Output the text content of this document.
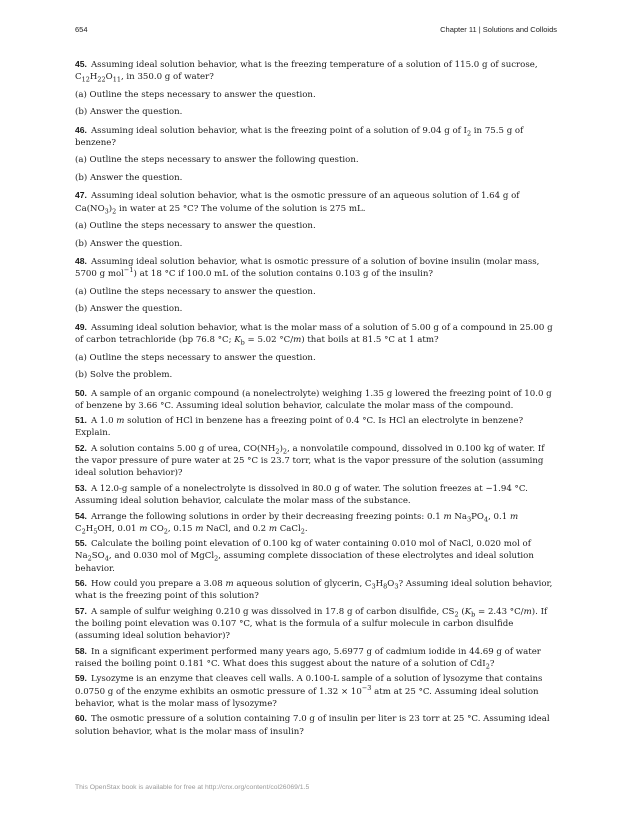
654	Chapter 11 | Solutions and Colloids

45. Assuming ideal solution behavior, what is the freezing temperature of a solution of 115.0 g of sucrose, $C_{12}H_{22}O_{11}$, in 350.0 g of water?

(a) Outline the steps necessary to answer the question.

(b) Answer the question.

46. Assuming ideal solution behavior, what is the freezing point of a solution of 9.04 g of $I_2$ in 75.5 g of benzene?

(a) Outline the steps necessary to answer the following question.

(b) Answer the question.

47. Assuming ideal solution behavior, what is the osmotic pressure of an aqueous solution of 1.64 g of $Ca(NO_3)_2$ in water at 25 °C? The volume of the solution is 275 mL.

(a) Outline the steps necessary to answer the question.

(b) Answer the question.

48. Assuming ideal solution behavior, what is osmotic pressure of a solution of bovine insulin (molar mass, 5700 g mol$^{-1}$) at 18 °C if 100.0 mL of the solution contains 0.103 g of the insulin?

(a) Outline the steps necessary to answer the question.

(b) Answer the question.

49. Assuming ideal solution behavior, what is the molar mass of a solution of 5.00 g of a compound in 25.00 g of carbon tetrachloride (bp 76.8 °C; $K_b = 5.02$ °C/m) that boils at 81.5 °C at 1 atm?

(a) Outline the steps necessary to answer the question.

(b) Solve the problem.

50. A sample of an organic compound (a nonelectrolyte) weighing 1.35 g lowered the freezing point of 10.0 g of benzene by 3.66 °C. Assuming ideal solution behavior, calculate the molar mass of the compound.

51. A 1.0 m solution of HCl in benzene has a freezing point of 0.4 °C. Is HCl an electrolyte in benzene? Explain.

52. A solution contains 5.00 g of urea, $CO(NH_2)_2$, a nonvolatile compound, dissolved in 0.100 kg of water. If the vapor pressure of pure water at 25 °C is 23.7 torr, what is the vapor pressure of the solution (assuming ideal solution behavior)?

53. A 12.0-g sample of a nonelectrolyte is dissolved in 80.0 g of water. The solution freezes at −1.94 °C. Assuming ideal solution behavior, calculate the molar mass of the substance.

54. Arrange the following solutions in order by their decreasing freezing points: 0.1 m $Na_3PO_4$, 0.1 m $C_2H_5OH$, 0.01 m $CO_2$, 0.15 m NaCl, and 0.2 m CaCl$_2$.

55. Calculate the boiling point elevation of 0.100 kg of water containing 0.010 mol of NaCl, 0.020 mol of $Na_2SO_4$, and 0.030 mol of MgCl$_2$, assuming complete dissociation of these electrolytes and ideal solution behavior.

56. How could you prepare a 3.08 m aqueous solution of glycerin, $C_3H_8O_3$? Assuming ideal solution behavior, what is the freezing point of this solution?

57. A sample of sulfur weighing 0.210 g was dissolved in 17.8 g of carbon disulfide, $CS_2$ ($K_b = 2.43$ °C/m). If the boiling point elevation was 0.107 °C, what is the formula of a sulfur molecule in carbon disulfide (assuming ideal solution behavior)?

58. In a significant experiment performed many years ago, 5.6977 g of cadmium iodide in 44.69 g of water raised the boiling point 0.181 °C. What does this suggest about the nature of a solution of CdI$_2$?

59. Lysozyme is an enzyme that cleaves cell walls. A 0.100-L sample of a solution of lysozyme that contains 0.0750 g of the enzyme exhibits an osmotic pressure of $1.32 \times 10^{-3}$ atm at 25 °C. Assuming ideal solution behavior, what is the molar mass of lysozyme?

60. The osmotic pressure of a solution containing 7.0 g of insulin per liter is 23 torr at 25 °C. Assuming ideal solution behavior, what is the molar mass of insulin?

This OpenStax book is available for free at http://cnx.org/content/col26069/1.5
